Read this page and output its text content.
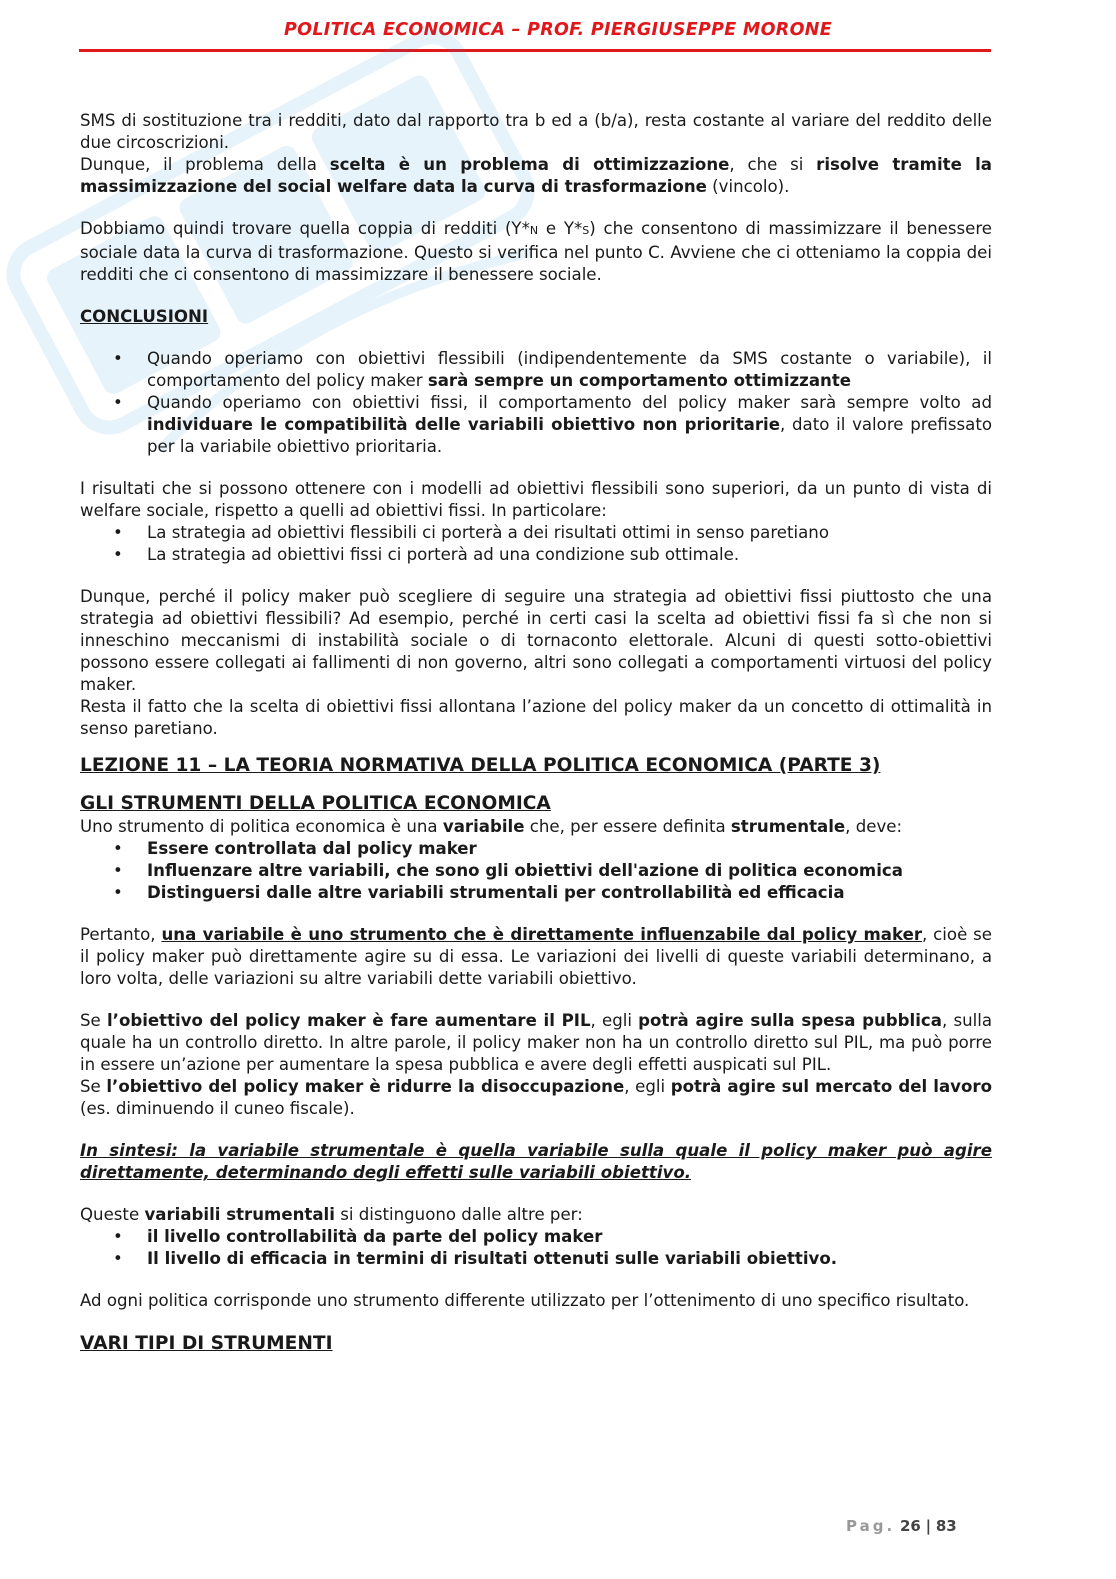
POLITICA ECONOMICA – PROF. PIERGIUSEPPE MORONE

SMS di sostituzione tra i redditi, dato dal rapporto tra b ed a (b/a), resta costante al variare del reddito delle due circoscrizioni.

Dunque, il problema della scelta è un problema di ottimizzazione, che si risolve tramite la massimizzazione del social welfare data la curva di trasformazione (vincolo).

Dobbiamo quindi trovare quella coppia di redditi (Y*N e Y*S) che consentono di massimizzare il benessere sociale data la curva di trasformazione. Questo si verifica nel punto C. Avviene che ci otteniamo la coppia dei redditi che ci consentono di massimizzare il benessere sociale.

CONCLUSIONI

• Quando operiamo con obiettivi flessibili (indipendentemente da SMS costante o variabile), il comportamento del policy maker sarà sempre un comportamento ottimizzante
• Quando operiamo con obiettivi fissi, il comportamento del policy maker sarà sempre volto ad individuare le compatibilità delle variabili obiettivo non prioritarie, dato il valore prefissato per la variabile obiettivo prioritaria.

I risultati che si possono ottenere con i modelli ad obiettivi flessibili sono superiori, da un punto di vista di welfare sociale, rispetto a quelli ad obiettivi fissi. In particolare:

• La strategia ad obiettivi flessibili ci porterà a dei risultati ottimi in senso paretiano
• La strategia ad obiettivi fissi ci porterà ad una condizione sub ottimale.

Dunque, perché il policy maker può scegliere di seguire una strategia ad obiettivi fissi piuttosto che una strategia ad obiettivi flessibili? Ad esempio, perché in certi casi la scelta ad obiettivi fissi fa sì che non si inneschino meccanismi di instabilità sociale o di tornaconto elettorale. Alcuni di questi sotto-obiettivi possono essere collegati ai fallimenti di non governo, altri sono collegati a comportamenti virtuosi del policy maker.

Resta il fatto che la scelta di obiettivi fissi allontana l’azione del policy maker da un concetto di ottimalità in senso paretiano.

LEZIONE 11 – LA TEORIA NORMATIVA DELLA POLITICA ECONOMICA (PARTE 3)

GLI STRUMENTI DELLA POLITICA ECONOMICA

Uno strumento di politica economica è una variabile che, per essere definita strumentale, deve:

• Essere controllata dal policy maker
• Influenzare altre variabili, che sono gli obiettivi dell'azione di politica economica
• Distinguersi dalle altre variabili strumentali per controllabilità ed efficacia

Pertanto, una variabile è uno strumento che è direttamente influenzabile dal policy maker, cioè se il policy maker può direttamente agire su di essa. Le variazioni dei livelli di queste variabili determinano, a loro volta, delle variazioni su altre variabili dette variabili obiettivo.

Se l’obiettivo del policy maker è fare aumentare il PIL, egli potrà agire sulla spesa pubblica, sulla quale ha un controllo diretto. In altre parole, il policy maker non ha un controllo diretto sul PIL, ma può porre in essere un’azione per aumentare la spesa pubblica e avere degli effetti auspicati sul PIL.

Se l’obiettivo del policy maker è ridurre la disoccupazione, egli potrà agire sul mercato del lavoro (es. diminuendo il cuneo fiscale).

In sintesi: la variabile strumentale è quella variabile sulla quale il policy maker può agire direttamente, determinando degli effetti sulle variabili obiettivo.

Queste variabili strumentali si distinguono dalle altre per:

• il livello controllabilità da parte del policy maker
• Il livello di efficacia in termini di risultati ottenuti sulle variabili obiettivo.

Ad ogni politica corrisponde uno strumento differente utilizzato per l’ottenimento di uno specifico risultato.

VARI TIPI DI STRUMENTI

Pag. 26 | 83
